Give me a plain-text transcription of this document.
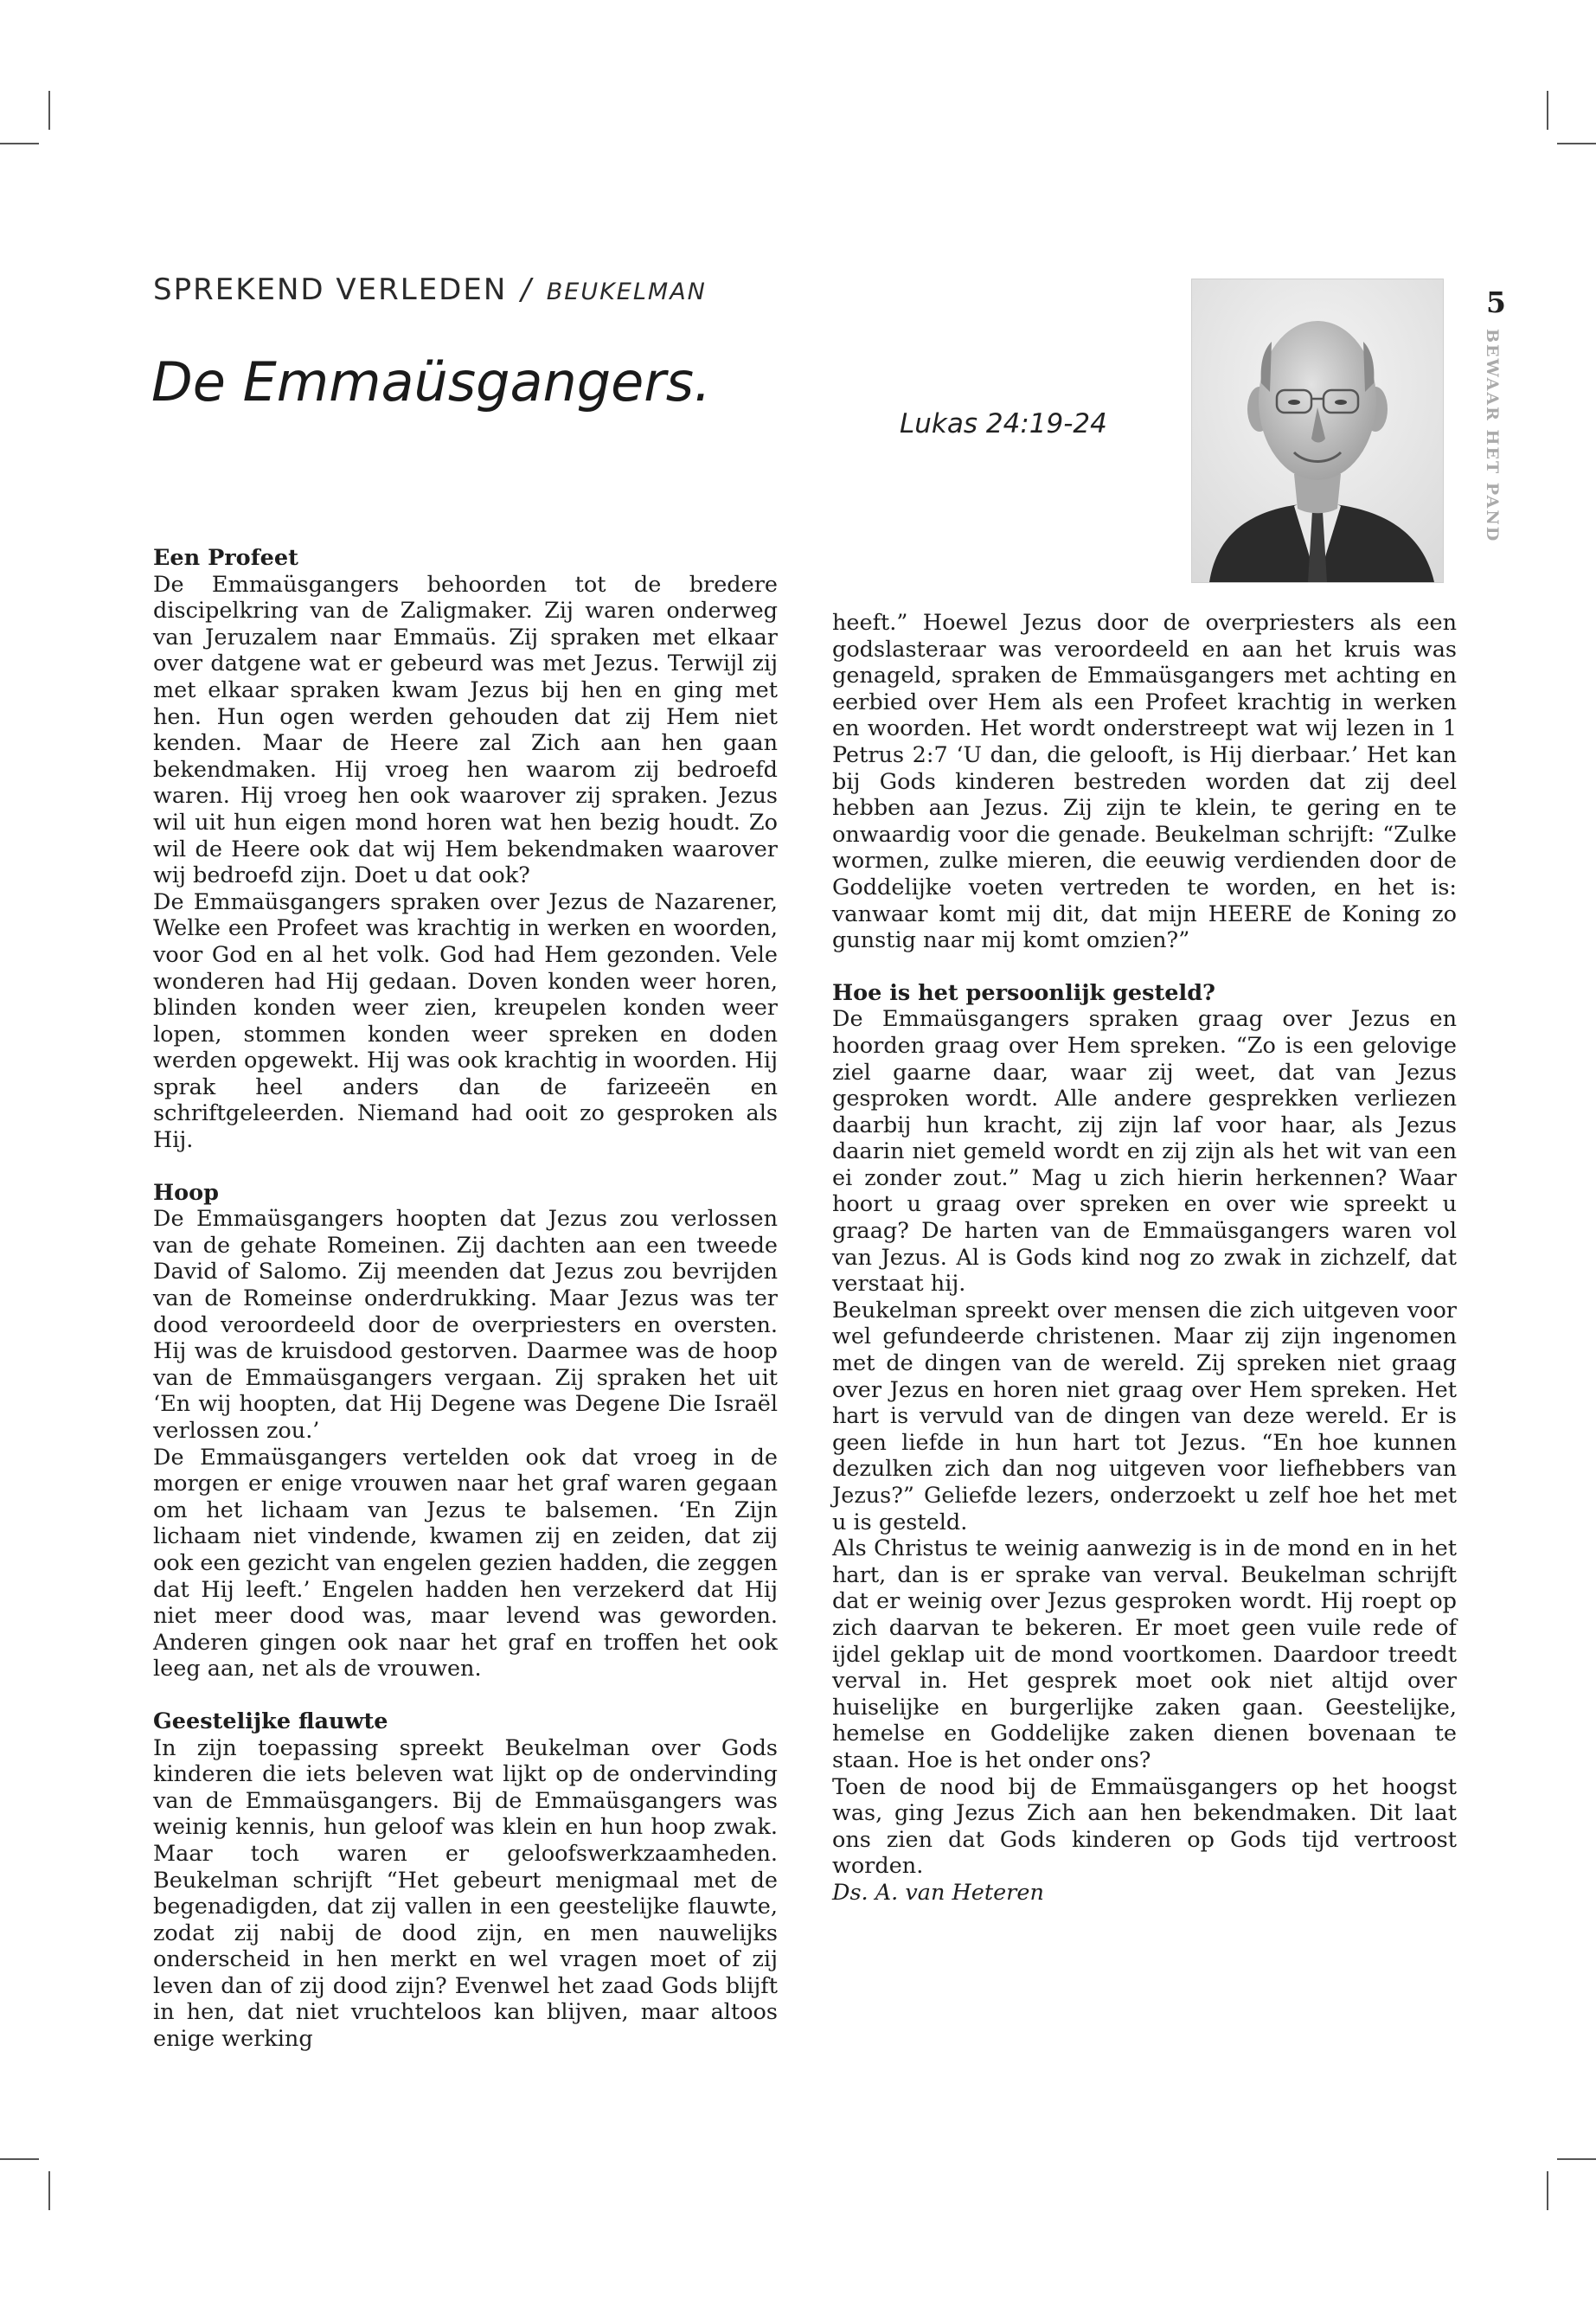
SPREKEND VERLEDEN / BEUKELMAN
De Emmaüsgangers.
Lukas 24:19-24
5
BEWAAR HET PAND
Een Profeet

De Emmaüsgangers behoorden tot de bredere discipelkring van de Zaligmaker. Zij waren onderweg van Jeruzalem naar Emmaüs. Zij spraken met elkaar over datgene wat er gebeurd was met Jezus. Terwijl zij met elkaar spraken kwam Jezus bij hen en ging met hen. Hun ogen werden gehouden dat zij Hem niet kenden. Maar de Heere zal Zich aan hen gaan bekendmaken. Hij vroeg hen waarom zij bedroefd waren. Hij vroeg hen ook waarover zij spraken. Jezus wil uit hun eigen mond horen wat hen bezig houdt. Zo wil de Heere ook dat wij Hem bekendmaken waarover wij bedroefd zijn. Doet u dat ook?

De Emmaüsgangers spraken over Jezus de Nazarener, Welke een Profeet was krachtig in werken en woorden, voor God en al het volk. God had Hem gezonden. Vele wonderen had Hij gedaan. Doven konden weer horen, blinden konden weer zien, kreupelen konden weer lopen, stommen konden weer spreken en doden werden opgewekt. Hij was ook krachtig in woorden. Hij sprak heel anders dan de farizeeën en schriftgeleerden. Niemand had ooit zo gesproken als Hij.

Hoop

De Emmaüsgangers hoopten dat Jezus zou verlossen van de gehate Romeinen. Zij dachten aan een tweede David of Salomo. Zij meenden dat Jezus zou bevrijden van de Romeinse onderdrukking. Maar Jezus was ter dood veroordeeld door de overpriesters en oversten. Hij was de kruisdood gestorven. Daarmee was de hoop van de Emmaüsgangers vergaan. Zij spraken het uit ‘En wij hoopten, dat Hij Degene was Degene Die Israël verlossen zou.’

De Emmaüsgangers vertelden ook dat vroeg in de morgen er enige vrouwen naar het graf waren gegaan om het lichaam van Jezus te balsemen. ‘En Zijn lichaam niet vindende, kwamen zij en zeiden, dat zij ook een gezicht van engelen gezien hadden, die zeggen dat Hij leeft.’ Engelen hadden hen verzekerd dat Hij niet meer dood was, maar levend was geworden. Anderen gingen ook naar het graf en troffen het ook leeg aan, net als de vrouwen.

Geestelijke flauwte

In zijn toepassing spreekt Beukelman over Gods kinderen die iets beleven wat lijkt op de ondervinding van de Emmaüsgangers. Bij de Emmaüsgangers was weinig kennis, hun geloof was klein en hun hoop zwak. Maar toch waren er geloofswerkzaamheden. Beukelman schrijft “Het gebeurt menigmaal met de begenadigden, dat zij vallen in een geestelijke flauwte, zodat zij nabij de dood zijn, en men nauwelijks onderscheid in hen merkt en wel vragen moet of zij leven dan of zij dood zijn? Evenwel het zaad Gods blijft in hen, dat niet vruchteloos kan blijven, maar altoos enige werking

heeft.” Hoewel Jezus door de overpriesters als een godslasteraar was veroordeeld en aan het kruis was genageld, spraken de Emmaüsgangers met achting en eerbied over Hem als een Profeet krachtig in werken en woorden. Het wordt onderstreept wat wij lezen in 1 Petrus 2:7 ‘U dan, die gelooft, is Hij dierbaar.’ Het kan bij Gods kinderen bestreden worden dat zij deel hebben aan Jezus. Zij zijn te klein, te gering en te onwaardig voor die genade. Beukelman schrijft: “Zulke wormen, zulke mieren, die eeuwig verdienden door de Goddelijke voeten vertreden te worden, en het is: vanwaar komt mij dit, dat mijn HEERE de Koning zo gunstig naar mij komt omzien?”

Hoe is het persoonlijk gesteld?

De Emmaüsgangers spraken graag over Jezus en hoorden graag over Hem spreken. “Zo is een gelovige ziel gaarne daar, waar zij weet, dat van Jezus gesproken wordt. Alle andere gesprekken verliezen daarbij hun kracht, zij zijn laf voor haar, als Jezus daarin niet gemeld wordt en zij zijn als het wit van een ei zonder zout.” Mag u zich hierin herkennen? Waar hoort u graag over spreken en over wie spreekt u graag? De harten van de Emmaüsgangers waren vol van Jezus. Al is Gods kind nog zo zwak in zichzelf, dat verstaat hij.

Beukelman spreekt over mensen die zich uitgeven voor wel gefundeerde christenen. Maar zij zijn ingenomen met de dingen van de wereld. Zij spreken niet graag over Jezus en horen niet graag over Hem spreken. Het hart is vervuld van de dingen van deze wereld. Er is geen liefde in hun hart tot Jezus. “En hoe kunnen dezulken zich dan nog uitgeven voor liefhebbers van Jezus?” Geliefde lezers, onderzoekt u zelf hoe het met u is gesteld.

Als Christus te weinig aanwezig is in de mond en in het hart, dan is er sprake van verval. Beukelman schrijft dat er weinig over Jezus gesproken wordt. Hij roept op zich daarvan te bekeren. Er moet geen vuile rede of ijdel geklap uit de mond voortkomen. Daardoor treedt verval in. Het gesprek moet ook niet altijd over huiselijke en burgerlijke zaken gaan. Geestelijke, hemelse en Goddelijke zaken dienen bovenaan te staan. Hoe is het onder ons?

Toen de nood bij de Emmaüsgangers op het hoogst was, ging Jezus Zich aan hen bekendmaken. Dit laat ons zien dat Gods kinderen op Gods tijd vertroost worden.

Ds. A. van Heteren
